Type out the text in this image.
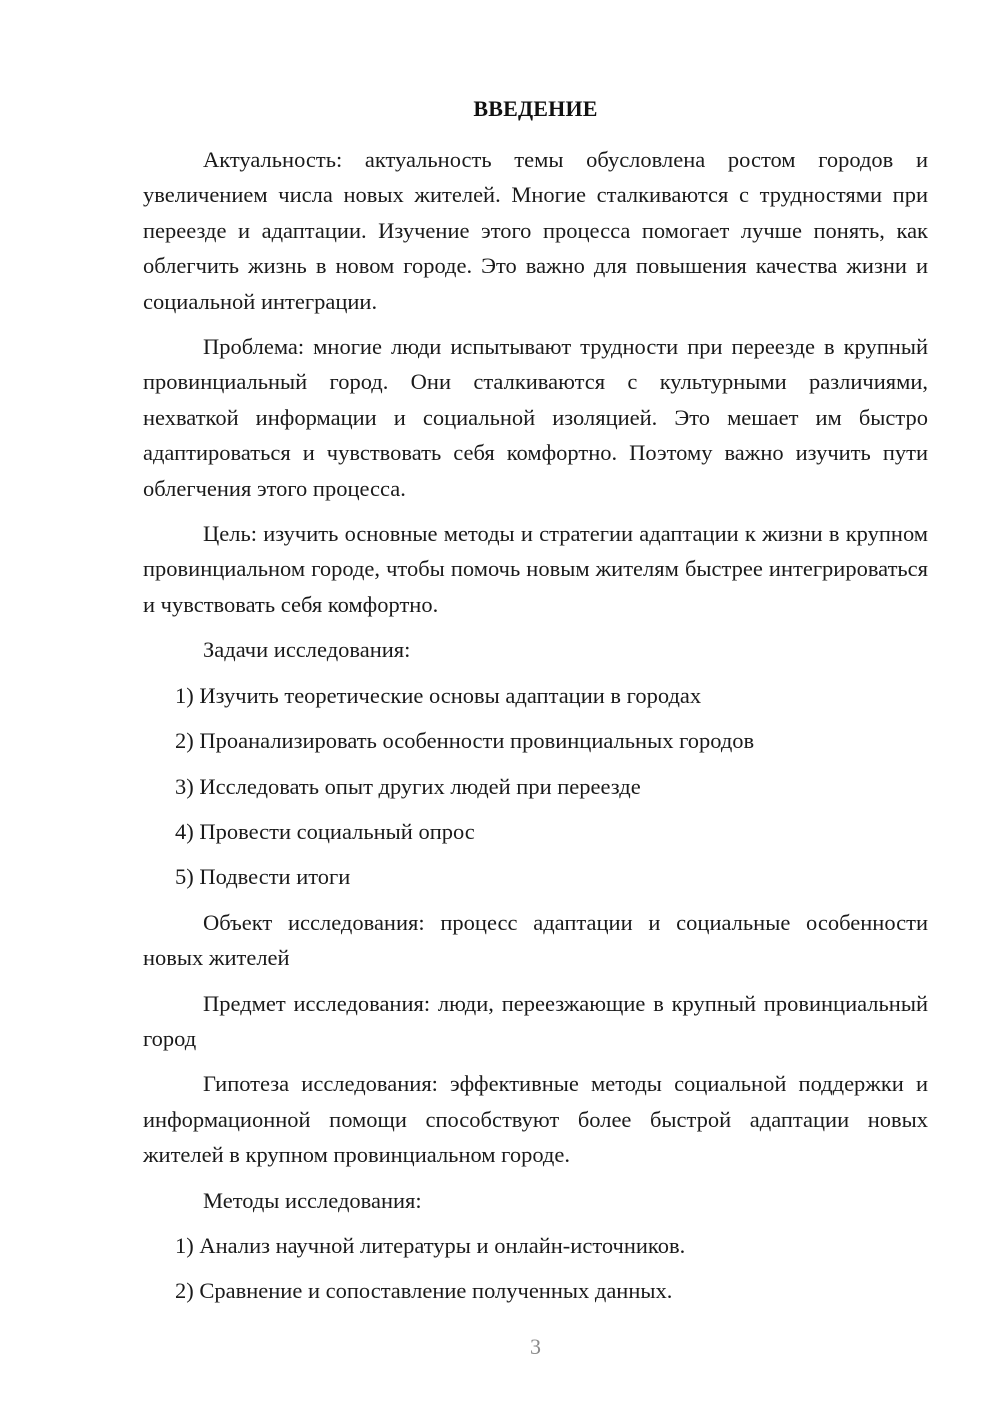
ВВЕДЕНИЕ

Актуальность: актуальность темы обусловлена ростом городов и увеличением числа новых жителей. Многие сталкиваются с трудностями при переезде и адаптации. Изучение этого процесса помогает лучше понять, как облегчить жизнь в новом городе. Это важно для повышения качества жизни и социальной интеграции.

Проблема: многие люди испытывают трудности при переезде в крупный провинциальный город. Они сталкиваются с культурными различиями, нехваткой информации и социальной изоляцией. Это мешает им быстро адаптироваться и чувствовать себя комфортно. Поэтому важно изучить пути облегчения этого процесса.

Цель: изучить основные методы и стратегии адаптации к жизни в крупном провинциальном городе, чтобы помочь новым жителям быстрее интегрироваться и чувствовать себя комфортно.

Задачи исследования:

1) Изучить теоретические основы адаптации в городах
2) Проанализировать особенности провинциальных городов
3) Исследовать опыт других людей при переезде
4) Провести социальный опрос
5) Подвести итоги

Объект исследования: процесс адаптации и социальные особенности новых жителей

Предмет исследования: люди, переезжающие в крупный провинциальный город

Гипотеза исследования: эффективные методы социальной поддержки и информационной помощи способствуют более быстрой адаптации новых жителей в крупном провинциальном городе.

Методы исследования:

1) Анализ научной литературы и онлайн-источников.
2) Сравнение и сопоставление полученных данных.
3
